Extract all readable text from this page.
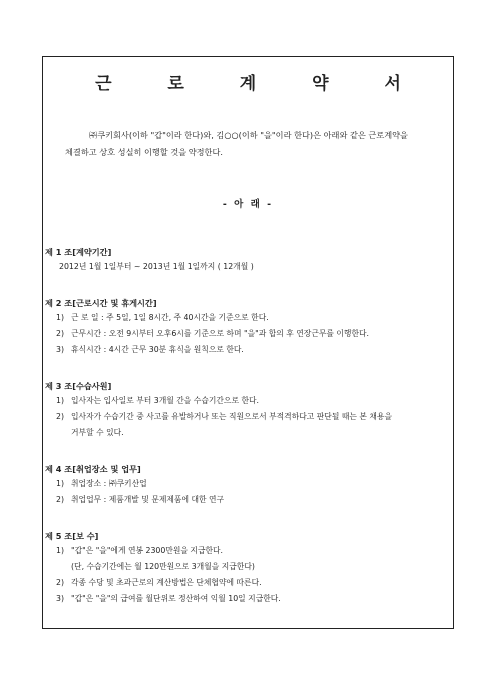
근 로 계 약 서

㈜쿠키회사(이하 "갑"이라 한다)와, 김○○(이하 "을"이라 한다)은 아래와 같은 근로계약을

체결하고 상호 성실히 이행할 것을 약정한다.

- 아 래 -
제 1 조[계약기간]
2012년 1월 1일부터 ~ 2013년 1월 1일까지 ( 12개월 )
제 2 조[근로시간 및 휴게시간]
1) 근 로 일 : 주 5일, 1일 8시간, 주 40시간을 기준으로 한다.
2) 근무시간 : 오전 9시부터 오후6시를 기준으로 하며 "을"과 합의 후 연장근무를 이행한다.
3) 휴식시간 : 4시간 근무 30분 휴식을 원칙으로 한다.
제 3 조[수습사원]
1) 입사자는 입사일로 부터 3개월 간을 수습기간으로 한다.
2) 입사자가 수습기간 중 사고를 유발하거나 또는 직원으로서 부적격하다고 판단될 때는 본 채용을
거부할 수 있다.
제 4 조[취업장소 및 업무]
1) 취업장소 : ㈜쿠키산업
2) 취업업무 : 제품개발 및 문제제품에 대한 연구
제 5 조[보 수]
1) "갑"은 "을"에게 연봉 2300만원을 지급한다.
(단, 수습기간에는 월 120만원으로 3개월을 지급한다)
2) 각종 수당 및 초과근로의 계산방법은 단체협약에 따른다.
3) "갑"은 "을"의 급여를 월단위로 정산하여 익월 10일 지급한다.
